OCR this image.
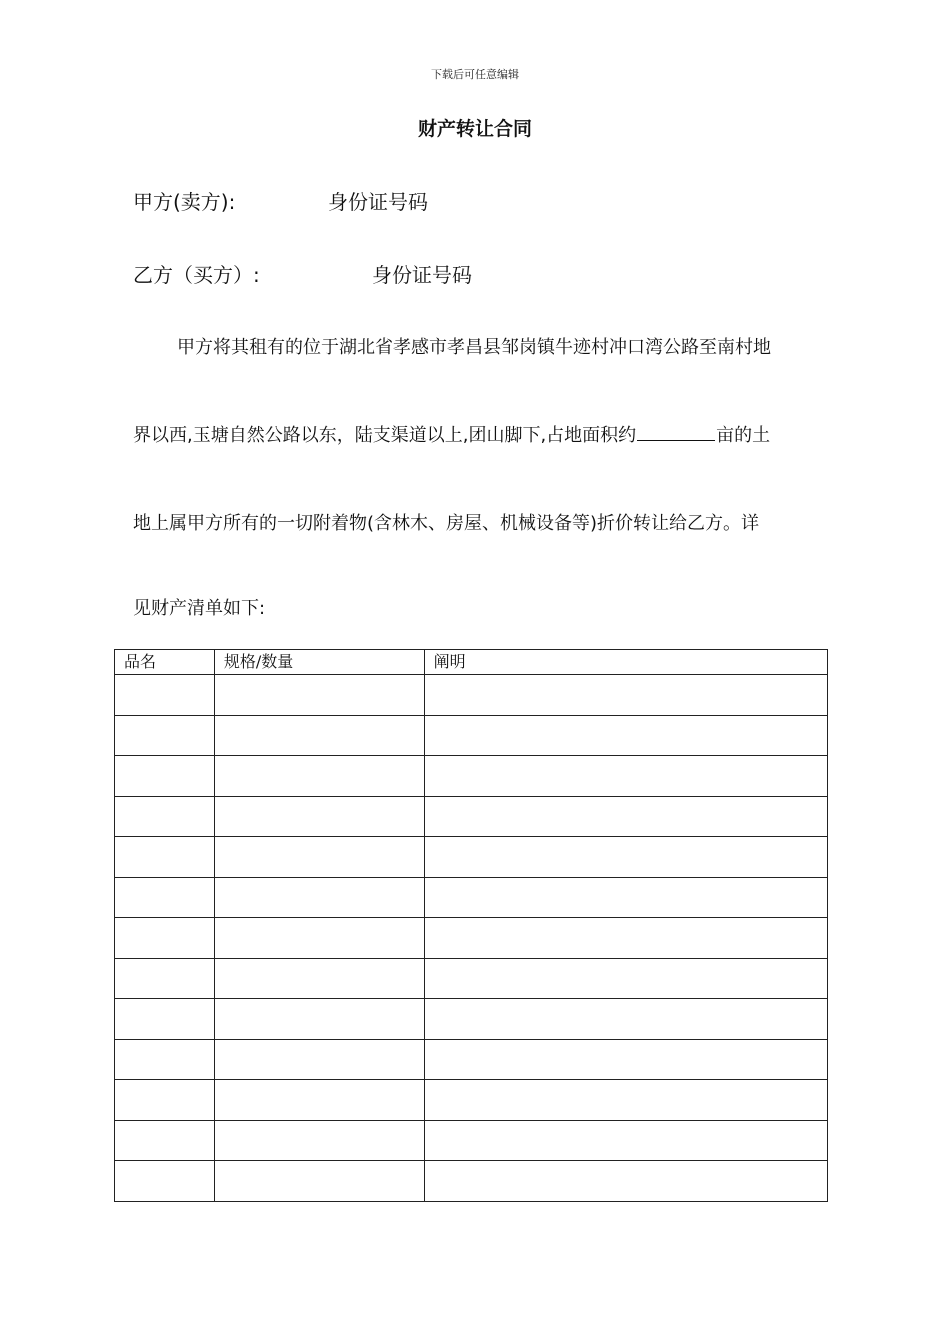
下载后可任意编辑
财产转让合同
甲方(卖方):	身份证号码
乙方（买方）:	身份证号码
甲方将其租有的位于湖北省孝感市孝昌县邹岗镇牛迹村冲口湾公路至南村地
界以西,玉塘自然公路以东，陆支渠道以上,团山脚下,占地面积约	亩的土
地上属甲方所有的一切附着物(含林木、房屋、机械设备等)折价转让给乙方。详
见财产清单如下:
品名	规格/数量	阐明
